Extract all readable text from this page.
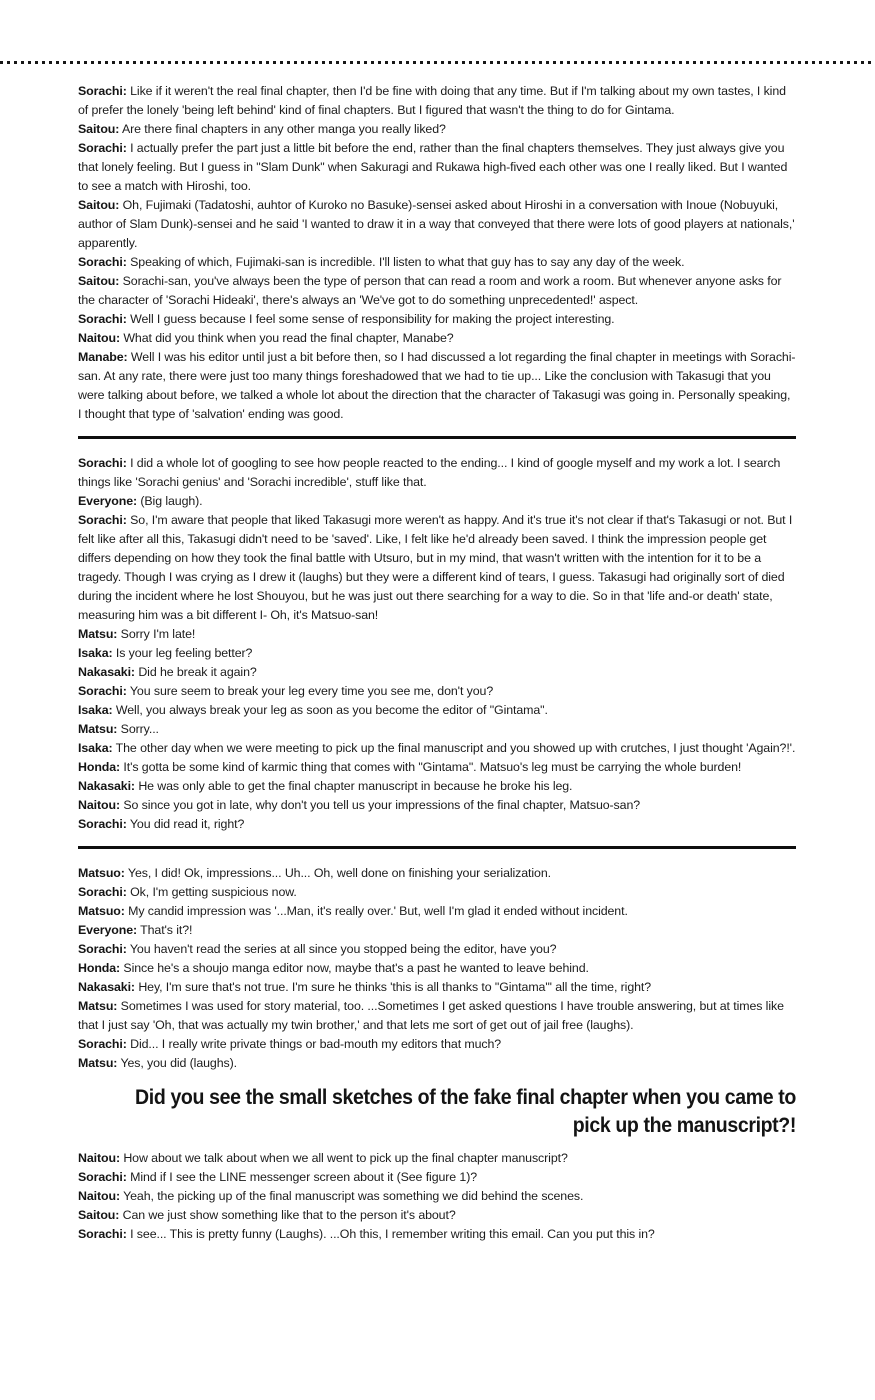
Sorachi: Like if it weren't the real final chapter, then I'd be fine with doing that any time. But if I'm talking about my own tastes, I kind of prefer the lonely 'being left behind' kind of final chapters. But I figured that wasn't the thing to do for Gintama.

Saitou: Are there final chapters in any other manga you really liked?

Sorachi: I actually prefer the part just a little bit before the end, rather than the final chapters themselves. They just always give you that lonely feeling. But I guess in "Slam Dunk" when Sakuragi and Rukawa high-fived each other was one I really liked. But I wanted to see a match with Hiroshi, too.

Saitou: Oh, Fujimaki (Tadatoshi, auhtor of Kuroko no Basuke)-sensei asked about Hiroshi in a conversation with Inoue (Nobuyuki, author of Slam Dunk)-sensei and he said 'I wanted to draw it in a way that conveyed that there were lots of good players at nationals,' apparently.

Sorachi: Speaking of which, Fujimaki-san is incredible. I'll listen to what that guy has to say any day of the week.

Saitou: Sorachi-san, you've always been the type of person that can read a room and work a room. But whenever anyone asks for the character of 'Sorachi Hideaki', there's always an 'We've got to do something unprecedented!' aspect.

Sorachi: Well I guess because I feel some sense of responsibility for making the project interesting.

Naitou: What did you think when you read the final chapter, Manabe?

Manabe: Well I was his editor until just a bit before then, so I had discussed a lot regarding the final chapter in meetings with Sorachi-san. At any rate, there were just too many things foreshadowed that we had to tie up... Like the conclusion with Takasugi that you were talking about before, we talked a whole lot about the direction that the character of Takasugi was going in. Personally speaking, I thought that type of 'salvation' ending was good.

Sorachi: I did a whole lot of googling to see how people reacted to the ending... I kind of google myself and my work a lot. I search things like 'Sorachi genius' and 'Sorachi incredible', stuff like that.

Everyone: (Big laugh).

Sorachi: So, I'm aware that people that liked Takasugi more weren't as happy. And it's true it's not clear if that's Takasugi or not. But I felt like after all this, Takasugi didn't need to be 'saved'. Like, I felt like he'd already been saved. I think the impression people get differs depending on how they took the final battle with Utsuro, but in my mind, that wasn't written with the intention for it to be a tragedy. Though I was crying as I drew it (laughs) but they were a different kind of tears, I guess. Takasugi had originally sort of died during the incident where he lost Shouyou, but he was just out there searching for a way to die. So in that 'life and-or death' state, measuring him was a bit different I- Oh, it's Matsuo-san!

Matsu: Sorry I'm late!

Isaka: Is your leg feeling better?

Nakasaki: Did he break it again?

Sorachi: You sure seem to break your leg every time you see me, don't you?

Isaka: Well, you always break your leg as soon as you become the editor of "Gintama".

Matsu: Sorry...

Isaka: The other day when we were meeting to pick up the final manuscript and you showed up with crutches, I just thought 'Again?!'.

Honda: It's gotta be some kind of karmic thing that comes with "Gintama". Matsuo's leg must be carrying the whole burden!

Nakasaki: He was only able to get the final chapter manuscript in because he broke his leg.

Naitou: So since you got in late, why don't you tell us your impressions of the final chapter, Matsuo-san?

Sorachi: You did read it, right?

Matsuo: Yes, I did! Ok, impressions... Uh... Oh, well done on finishing your serialization.

Sorachi: Ok, I'm getting suspicious now.

Matsuo: My candid impression was '...Man, it's really over.' But, well I'm glad it ended without incident.

Everyone: That's it?!

Sorachi: You haven't read the series at all since you stopped being the editor, have you?

Honda: Since he's a shoujo manga editor now, maybe that's a past he wanted to leave behind.

Nakasaki: Hey, I'm sure that's not true. I'm sure he thinks 'this is all thanks to "Gintama"' all the time, right?

Matsu: Sometimes I was used for story material, too. ...Sometimes I get asked questions I have trouble answering, but at times like that I just say 'Oh, that was actually my twin brother,' and that lets me sort of get out of jail free (laughs).

Sorachi: Did... I really write private things or bad-mouth my editors that much?

Matsu: Yes, you did (laughs).

Did you see the small sketches of the fake final chapter when you came to pick up the manuscript?!

Naitou: How about we talk about when we all went to pick up the final chapter manuscript?

Sorachi: Mind if I see the LINE messenger screen about it (See figure 1)?

Naitou: Yeah, the picking up of the final manuscript was something we did behind the scenes.

Saitou: Can we just show something like that to the person it's about?

Sorachi: I see... This is pretty funny (Laughs). ...Oh this, I remember writing this email. Can you put this in?
